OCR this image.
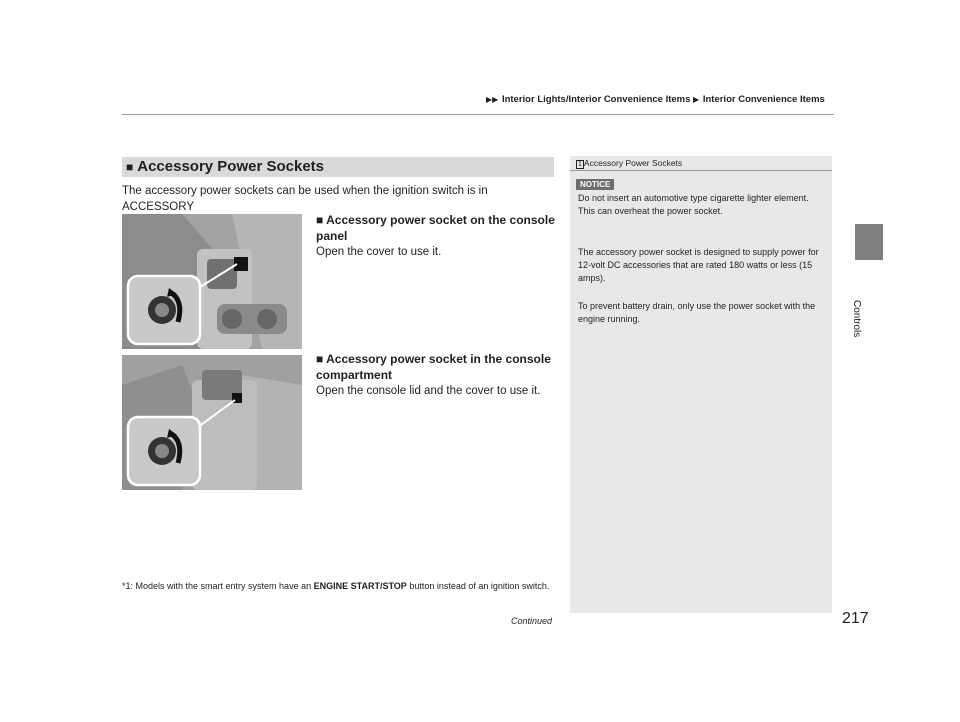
▶▶ Interior Lights/Interior Convenience Items ▶ Interior Convenience Items
Controls
■ Accessory Power Sockets
The accessory power sockets can be used when the ignition switch is in ACCESSORY

■ Accessory power socket on the console panel
Open the cover to use it.
■ Accessory power socket in the console compartment
Open the console lid and the cover to use it.
*1: Models with the smart entry system have an ENGINE START/STOP button instead of an ignition switch.
Continued	217
1 Accessory Power Sockets
NOTICE
Do not insert an automotive type cigarette lighter element.
This can overheat the power socket.
The accessory power socket is designed to supply power for 12-volt DC accessories that are rated 180 watts or less (15 amps).
To prevent battery drain, only use the power socket with the engine running.
